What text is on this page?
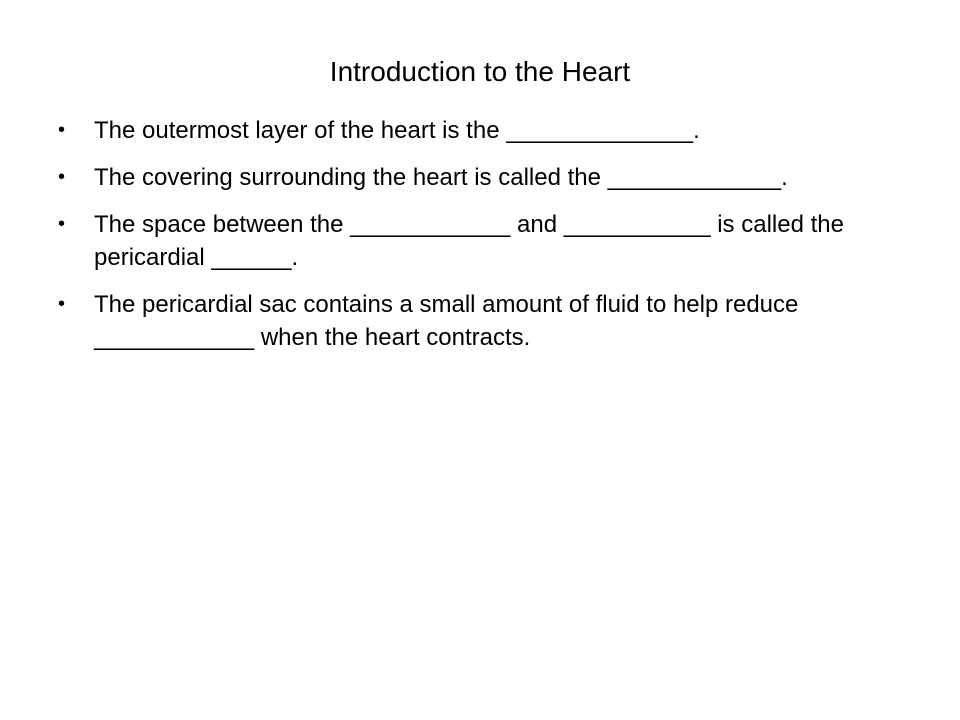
Introduction to the Heart
• The outermost layer of the heart is the ______________.
• The covering surrounding the heart is called the _____________.
• The space between the ____________ and ___________ is called the pericardial ______.
• The pericardial sac contains a small amount of fluid to help reduce ____________ when the heart contracts.
